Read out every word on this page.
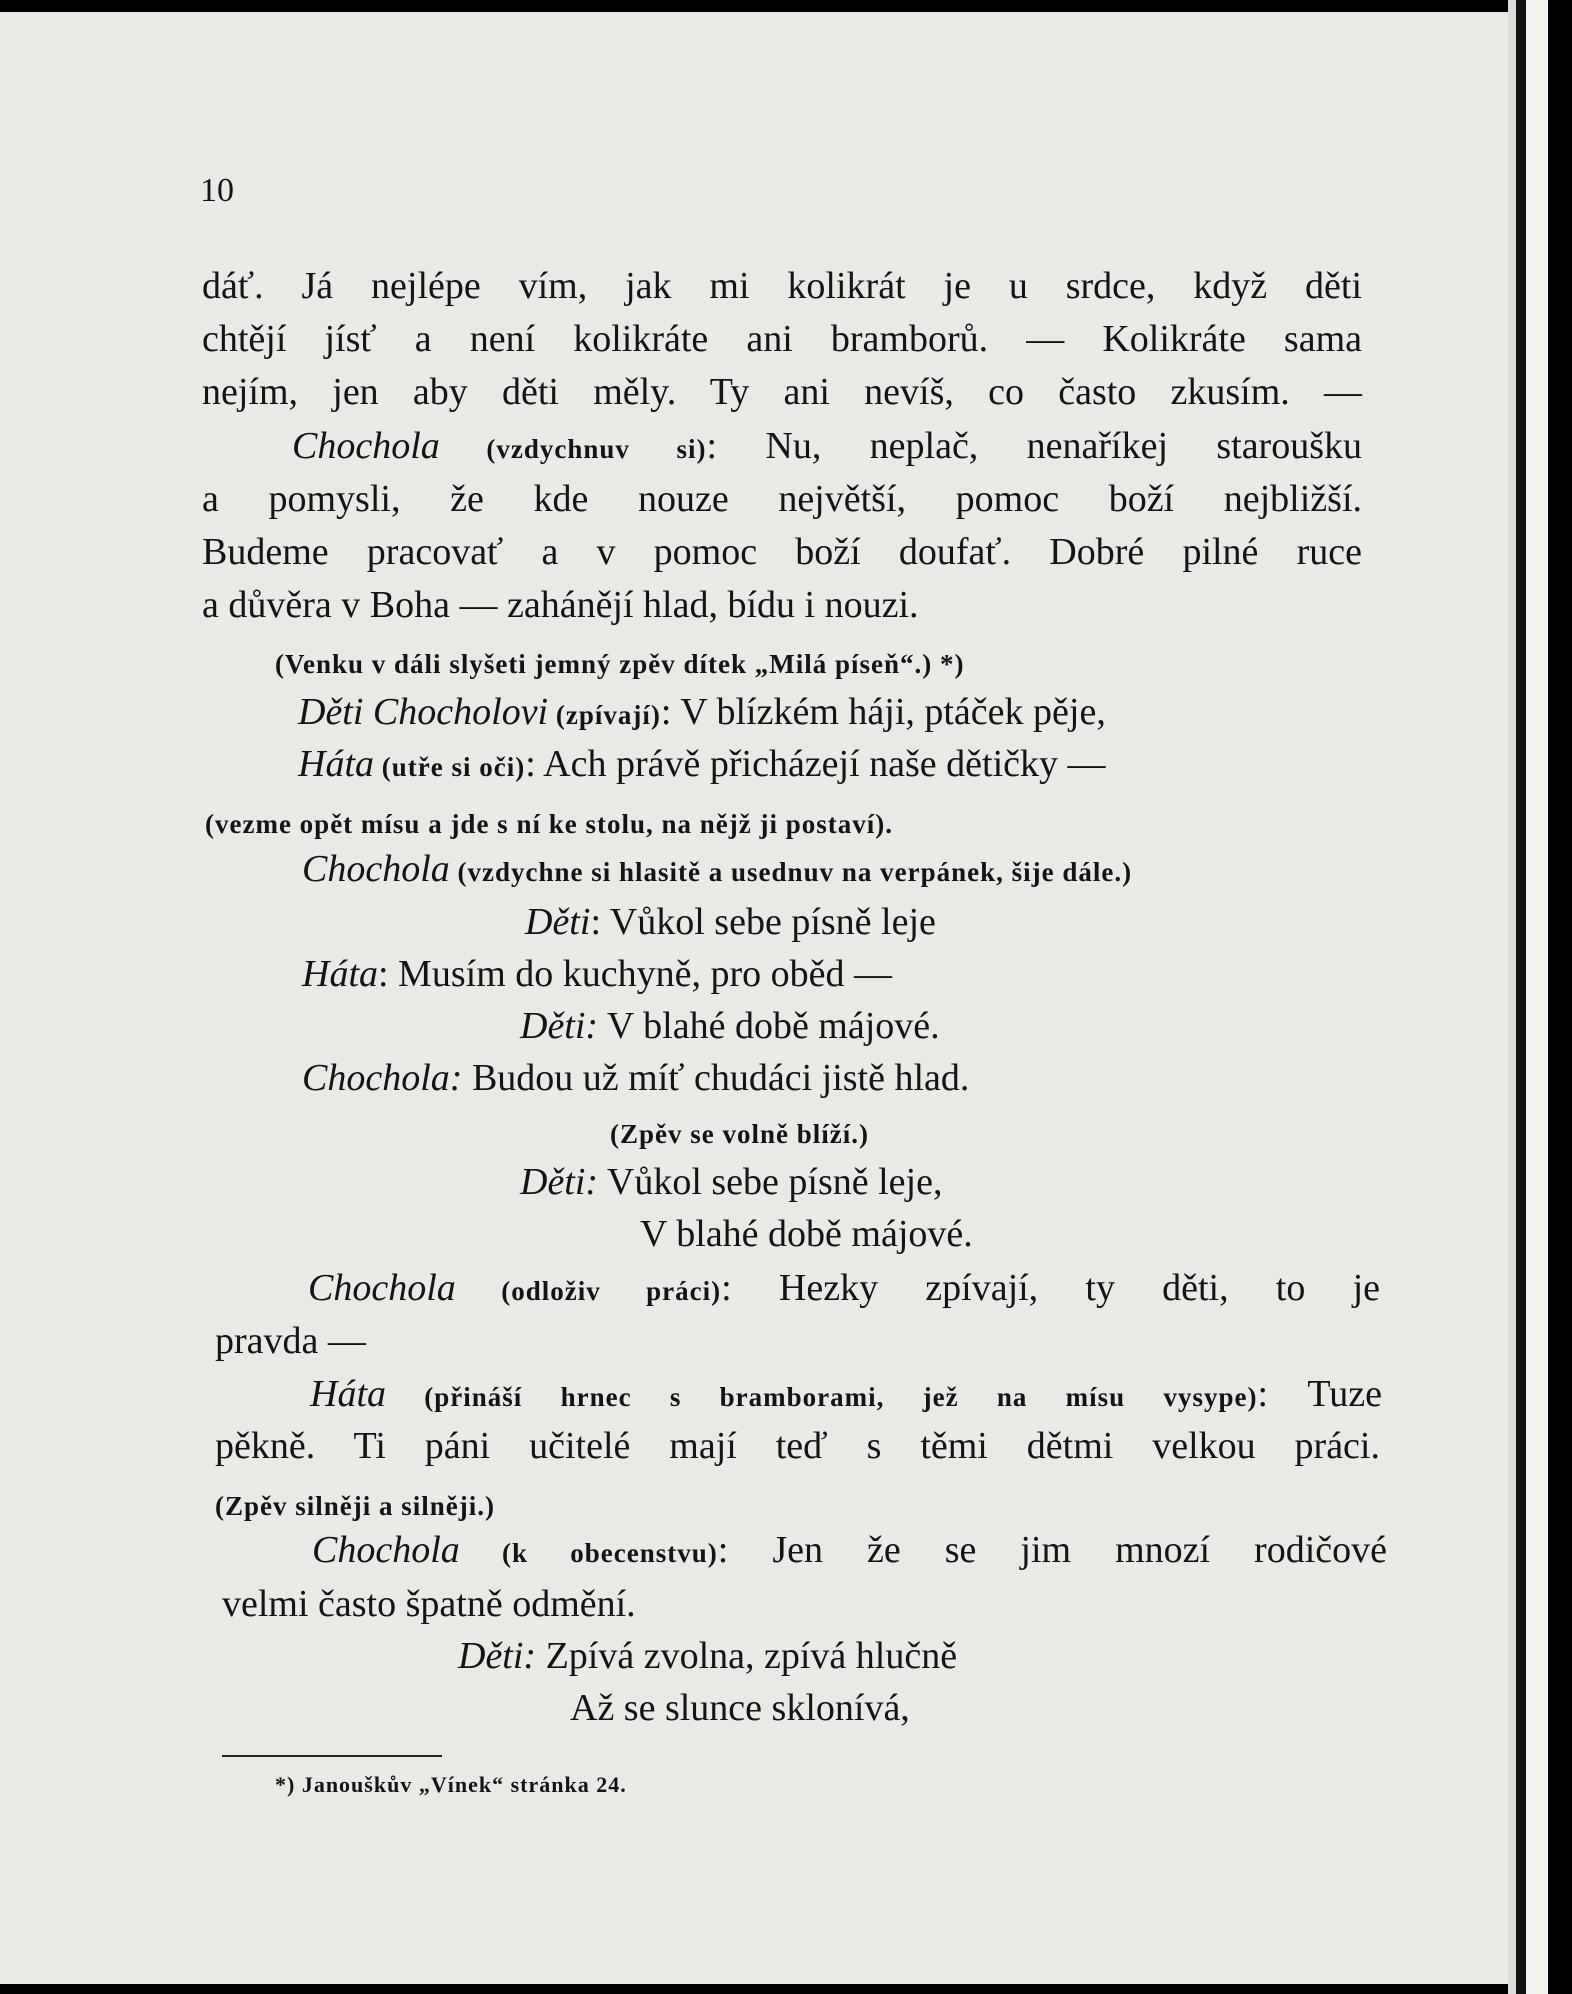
10
dáť. Já nejlépe vím, jak mi kolikrát je u srdce, když děti
chtějí jísť a není kolikráte ani bramborů. — Kolikráte sama
nejím, jen aby děti měly. Ty ani nevíš, co často zkusím. —
Chochola (vzdychnuv si): Nu, neplač, nenaříkej staroušku
a pomysli, že kde nouze největší, pomoc boží nejbližší.
Budeme pracovať a v pomoc boží doufať. Dobré pilné ruce
a důvěra v Boha — zahánějí hlad, bídu i nouzi.
(Venku v dáli slyšeti jemný zpěv dítek „Milá píseň“.) *)
Děti Chocholovi (zpívají): V blízkém háji, ptáček pěje,
Háta (utře si oči): Ach právě přicházejí naše dětičky —
(vezme opět mísu a jde s ní ke stolu, na nějž ji postaví).
Chochola (vzdychne si hlasitě a usednuv na verpánek, šije dále.)
Děti: Vůkol sebe písně leje
Háta: Musím do kuchyně, pro oběd —
Děti: V blahé době májové.
Chochola: Budou už míť chudáci jistě hlad.
(Zpěv se volně blíží.)
Děti: Vůkol sebe písně leje,
V blahé době májové.
Chochola (odloživ práci): Hezky zpívají, ty děti, to je
pravda —
Háta (přináší hrnec s bramborami, jež na mísu vysype): Tuze
pěkně. Ti páni učitelé mají teď s těmi dětmi velkou práci.
(Zpěv silněji a silněji.)
Chochola (k obecenstvu): Jen že se jim mnozí rodičové
velmi často špatně odmění.
Děti: Zpívá zvolna, zpívá hlučně
Až se slunce sklonívá,
*) Janouškův „Vínek“ stránka 24.
